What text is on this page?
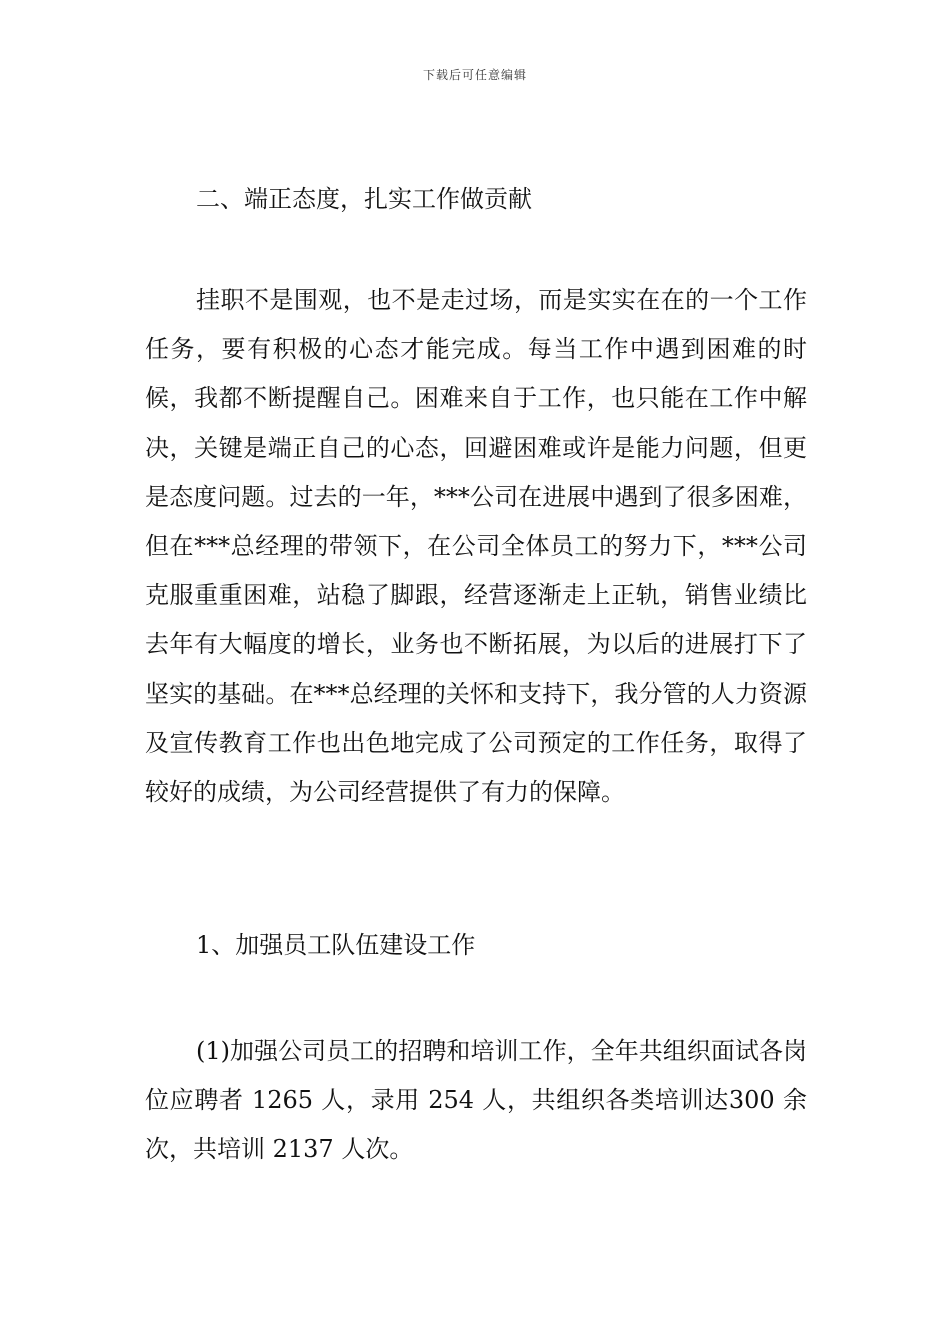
下载后可任意编辑
二、端正态度，扎实工作做贡献
挂职不是围观，也不是走过场，而是实实在在的一个工作任务，要有积极的心态才能完成。每当工作中遇到困难的时候，我都不断提醒自己。困难来自于工作，也只能在工作中解决，关键是端正自己的心态，回避困难或许是能力问题，但更是态度问题。过去的一年，***公司在进展中遇到了很多困难，但在***总经理的带领下，在公司全体员工的努力下，***公司克服重重困难，站稳了脚跟，经营逐渐走上正轨，销售业绩比去年有大幅度的增长，业务也不断拓展，为以后的进展打下了坚实的基础。在***总经理的关怀和支持下，我分管的人力资源及宣传教育工作也出色地完成了公司预定的工作任务，取得了较好的成绩，为公司经营提供了有力的保障。
1、加强员工队伍建设工作
(1)加强公司员工的招聘和培训工作，全年共组织面试各岗位应聘者 1265 人，录用 254 人，共组织各类培训达300 余次，共培训 2137 人次。
